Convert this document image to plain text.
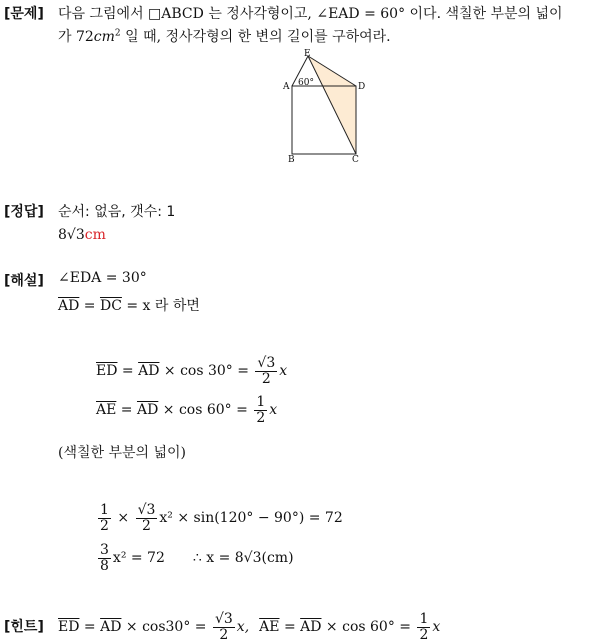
[문제] 다음 그림에서 □ABCD 는 정사각형이고, ∠EAD = 60° 이다. 색칠한 부분의 넓이
가 $72cm^2$ 일 때, 정사각형의 한 변의 길이를 구하여라.
E
A	D
B	C
60°
[정답] 순서: 없음, 갯수: 1
8√3cm
[해설] ∠EDA = 30°
$\overline{AD} = \overline{DC} = x$ 라 하면
$\overline{ED} = \overline{AD} \times \cos 30^\circ = \frac{√3}{2}$ x
$\overline{AE} = \overline{AD} \times \cos 60^\circ = \frac{1}{2}$ x
(색칠한 부분의 넓이)
$\frac{1}{2} \times \frac{√3}{2} x^2 \times \sin(120^\circ - 90^\circ) = 72$
$\frac{3}{8} x^2 = 72$ ∴ x = 8√3(cm)
[힌트] $\overline{ED} = \overline{AD} \times \cos 30^\circ = \frac{√3}{2} x$, $\overline{AE} = \overline{AD} \times \cos 60^\circ = \frac{1}{2}$ x
